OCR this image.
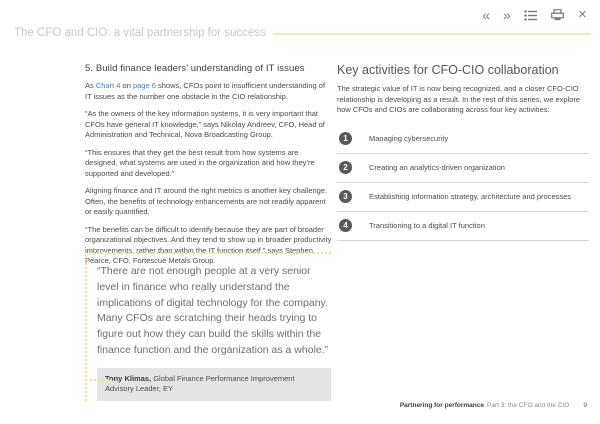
« »	✕
The CFO and CIO: a vital partnership for success
5. Build finance leaders’ understanding of IT issues

As Chart 4 on page 6 shows, CFOs point to insufficient understanding of IT issues as the number one obstacle in the CIO relationship.

“As the owners of the key information systems, it is very important that CFOs have general IT knowledge,” says Nikolay Andreev, CFO, Head of Administration and Technical, Nova Broadcasting Group.

“This ensures that they get the best result from how systems are designed, what systems are used in the organization and how they’re supported and developed.”

Aligning finance and IT around the right metrics is another key challenge. Often, the benefits of technology enhancements are not readily apparent or easily quantified.

“The benefits can be difficult to identify because they are part of broader organizational objectives. And they tend to show up in broader productivity improvements, rather than within the IT function itself,” says Stephen Pearce, CFO, Fortescue Metals Group.

“There are not enough people at a very senior level in finance who really understand the implications of digital technology for the company. Many CFOs are scratching their heads trying to figure out how they can build the skills within the finance function and the organization as a whole.”
Tony Klimas, Global Finance Performance Improvement Advisory Leader, EY
Key activities for CFO-CIO collaboration

The strategic value of IT is now being recognized, and a closer CFO-CIO relationship is developing as a result. In the rest of this series, we explore how CFOs and CIOs are collaborating across four key activities:

1	Managing cybersecurity
2	Creating an analytics-driven organization
3	Establishing information strategy, architecture and processes
4	Transitioning to a digital IT function
Partnering for performance Part 3: the CFO and the CIO 9
